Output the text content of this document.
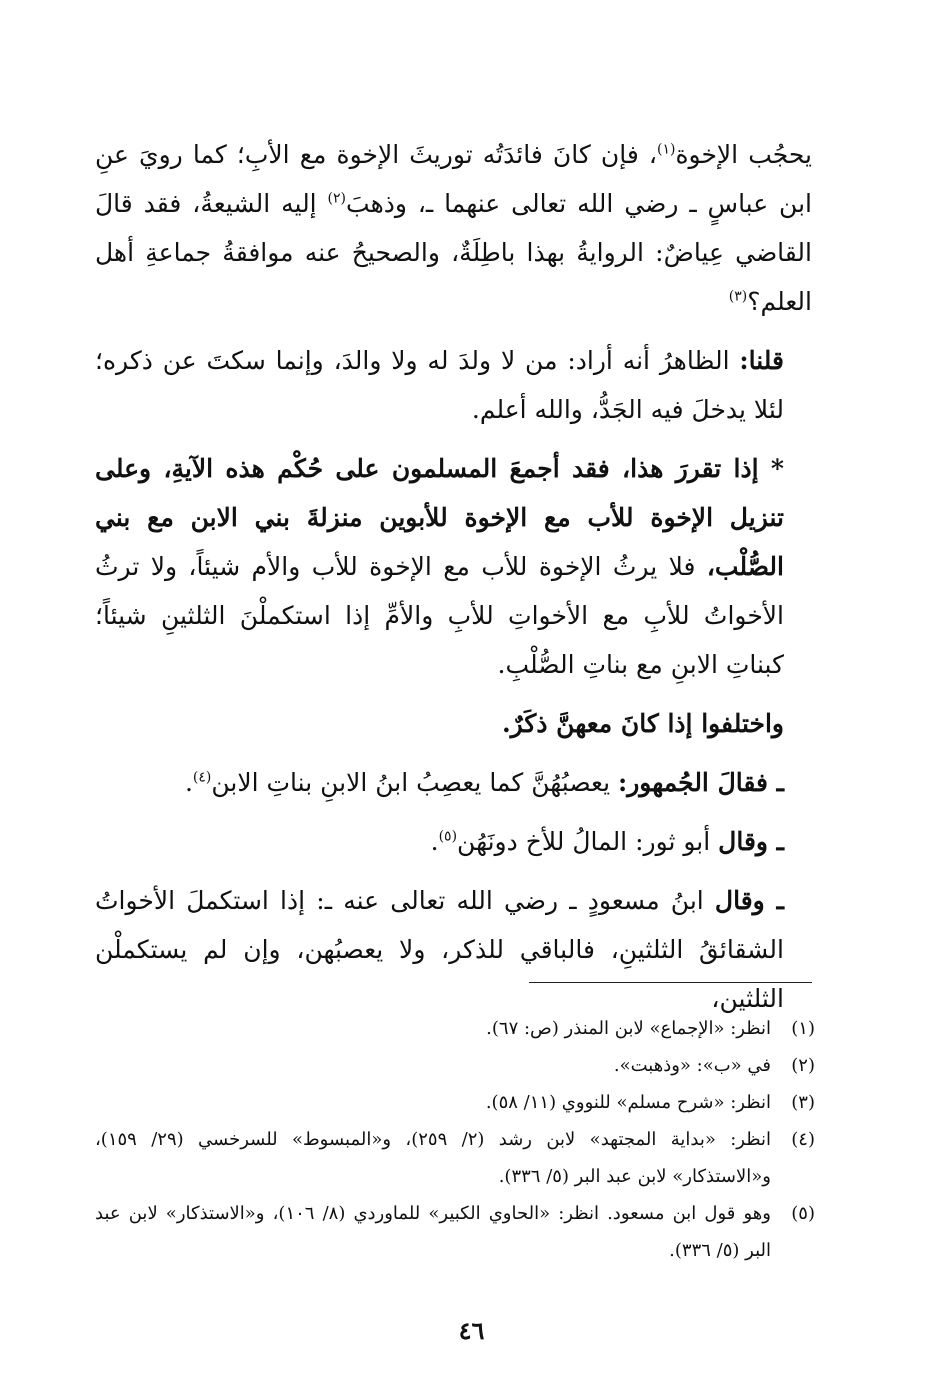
يحجُب الإخوة$^{(١)}$، فإن كانَ فائدَتُه توريثَ الإخوة مع الأبِ؛ كما رويَ عنِ ابن عباسٍ ـ رضي الله تعالى عنهما ـ، وذهبَ$^{(٢)}$ إليه الشيعةُ، فقد قالَ القاضي عِياضٌ: الروايةُ بهذا باطِلَةٌ، والصحيحُ عنه موافقةُ جماعةِ أهل العلم؟$^{(٣)}$

قلنا: الظاهرُ أنه أراد: من لا ولدَ له ولا والدَ، وإنما سكتَ عن ذكره؛ لئلا يدخلَ فيه الجَدُّ، والله أعلم.

* إذا تقررَ هذا، فقد أجمعَ المسلمون على حُكْم هذه الآيةِ، وعلى تنزيل الإخوة للأب مع الإخوة للأبوين منزلةَ بني الابن مع بني الصُّلْب، فلا يرثُ الإخوة للأب مع الإخوة للأب والأم شيئاً، ولا ترثُ الأخواتُ للأبِ مع الأخواتِ للأبِ والأمِّ إذا استكملْنَ الثلثينِ شيئاً؛ كبناتِ الابنِ مع بناتِ الصُّلْبِ.

واختلفوا إذا كانَ معهنَّ ذكَرٌ.

ـ فقالَ الجُمهور: يعصبُهُنَّ كما يعصِبُ ابنُ الابنِ بناتِ الابن$^{(٤)}$.

ـ وقال أبو ثور: المالُ للأخ دونَهُن$^{(٥)}$.

ـ وقال ابنُ مسعودٍ ـ رضي الله تعالى عنه ـ: إذا استكملَ الأخواتُ الشقائقُ الثلثينِ، فالباقي للذكر، ولا يعصبُهن، وإن لم يستكملْن الثلثين،

(١)
انظر: «الإجماع» لابن المنذر (ص: ٦٧).
(٢)
في «ب»: «وذهبت».
(٣)
انظر: «شرح مسلم» للنووي (١١/ ٥٨).
(٤)
انظر: «بداية المجتهد» لابن رشد (٢/ ٢٥٩)، و«المبسوط» للسرخسي (٢٩/ ١٥٩)، و«الاستذكار» لابن عبد البر (٥/ ٣٣٦).
(٥)
وهو قول ابن مسعود. انظر: «الحاوي الكبير» للماوردي (٨/ ١٠٦)، و«الاستذكار» لابن عبد البر (٥/ ٣٣٦).
٤٦
